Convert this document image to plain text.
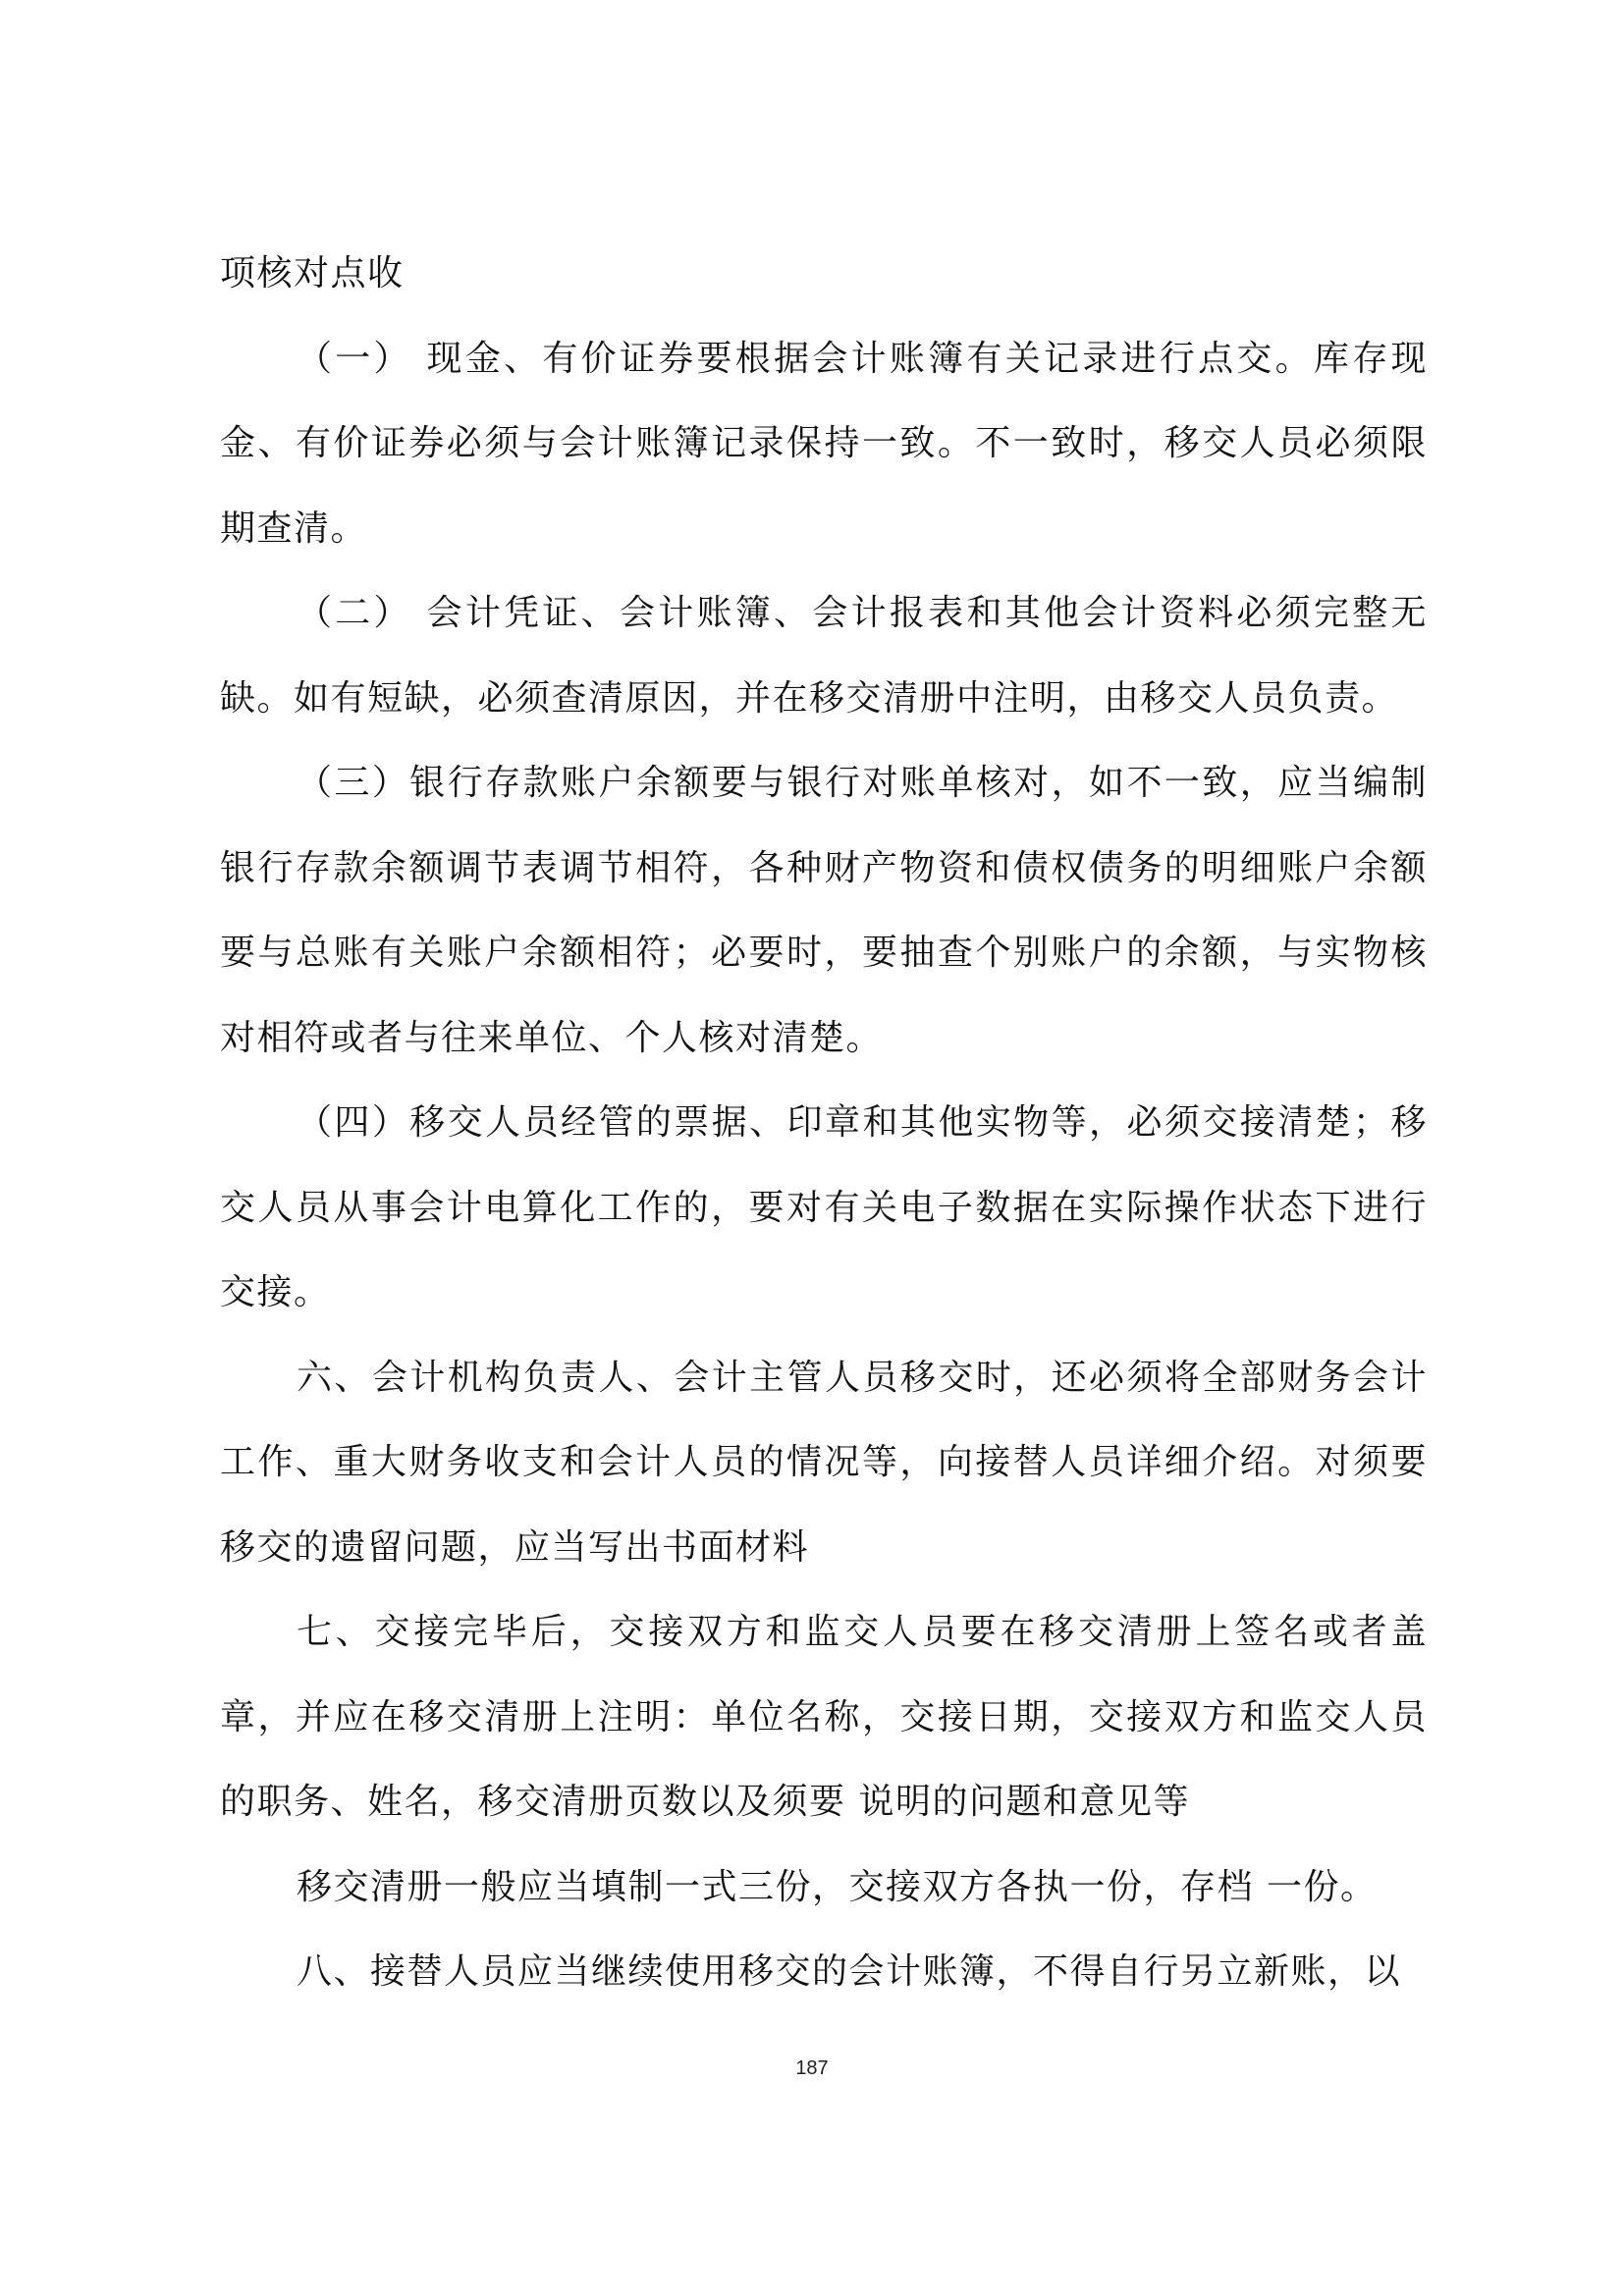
项核对点收

（一） 现金、有价证券要根据会计账簿有关记录进行点交。库存现金、有价证券必须与会计账簿记录保持一致。不一致时，移交人员必须限期查清。

（二） 会计凭证、会计账簿、会计报表和其他会计资料必须完整无缺。如有短缺，必须查清原因，并在移交清册中注明，由移交人员负责。

（三）银行存款账户余额要与银行对账单核对，如不一致，应当编制银行存款余额调节表调节相符，各种财产物资和债权债务的明细账户余额要与总账有关账户余额相符；必要时，要抽查个别账户的余额，与实物核对相符或者与往来单位、个人核对清楚。

（四）移交人员经管的票据、印章和其他实物等，必须交接清楚；移交人员从事会计电算化工作的，要对有关电子数据在实际操作状态下进行交接。

六、会计机构负责人、会计主管人员移交时，还必须将全部财务会计工作、重大财务收支和会计人员的情况等，向接替人员详细介绍。对须要移交的遗留问题，应当写出书面材料

七、交接完毕后，交接双方和监交人员要在移交清册上签名或者盖章，并应在移交清册上注明：单位名称，交接日期，交接双方和监交人员的职务、姓名，移交清册页数以及须要 说明的问题和意见等

移交清册一般应当填制一式三份，交接双方各执一份，存档 一份。

八、接替人员应当继续使用移交的会计账簿，不得自行另立新账，以

187
